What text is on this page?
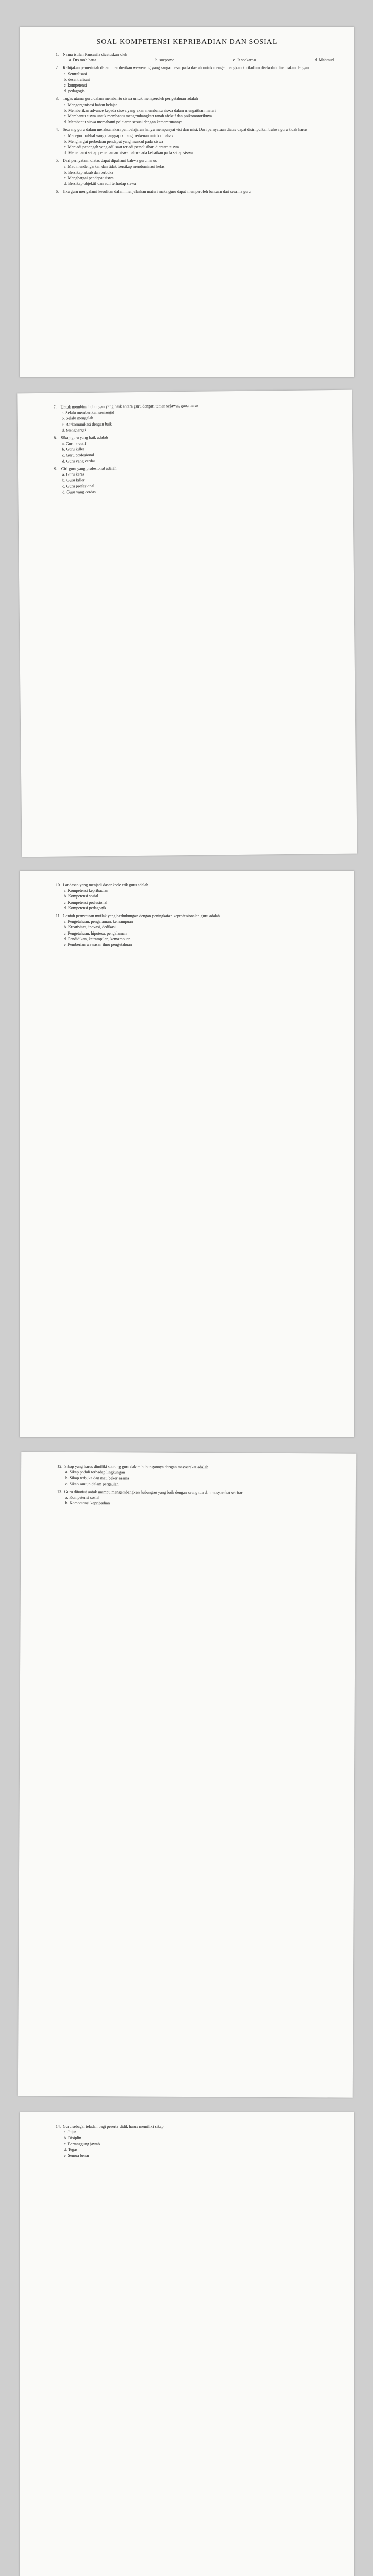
SOAL KOMPETENSI KEPRIBADIAN DAN SOSIAL
1. Nama istilah Pancasila dicetuskan oleh
a. Drs moh hatta	b. soepomo	c. Ir soekarno	d. Mahmud
2. Kebijakan pemerintah dalam memberikan wewenang yang sangat besar pada daerah untuk mengembangkan kurikulum disekolah dinamakan dengan
a. Sentralisasi
b. desentralisasi
c. kompetensi
d. pedagogis
3. Tugas utama guru dalam membantu siswa untuk memperoleh pengetahuan adalah
a. Mengorganisasi bahan belajar
b. Memberikan advance kepada siswa yang akan membantu siswa dalam mengaitkan materi
c. Membantu siswa untuk membantu mengembangkan ranah afektif dan psikomotoriknya
d. Membantu siswa memahami pelajaran sesuai dengan kemampuannya
4. Seorang guru dalam melaksanakan pembelajaran hanya mempunyai visi dan misi. Dari pernyataan diatas dapat disimpulkan bahwa guru tidak harus
a. Menegur hal-hal yang dianggap kurang berkenan untuk dibahas
b. Menghargai perbedaan pendapat yang muncul pada siswa
c. Menjadi penengah yang adil saat terjadi perselisihan diantara siswa
d. Memahami setiap pemahaman siswa bahwa ada kebaikan pada setiap siswa
5. Dari pernyataan diatas dapat dipahami bahwa guru harus
a. Mau mendengarkan dan tidak bersikap mendominasi kelas
b. Bersikap akrab dan terbuka
c. Menghargai pendapat siswa
d. Bersikap objektif dan adil terhadap siswa
6. Jika guru mengalami kesulitan dalam menjelaskan materi maka guru dapat memperoleh bantuan dari sesama guru
7. Untuk membina hubungan yang baik antara guru dengan teman sejawat, guru harus
a. Selalu memberikan semangat
b. Selalu mengalah
c. Berkomunikasi dengan baik
d. Menghargai
8. Sikap guru yang baik adalah
a. Guru kreatif
b. Guru killer
c. Guru profesional
d. Guru yang cerdas
9. Ciri guru yang profesional adalah
a. Guru keras
b. Guru killer
c. Guru profesional
d. Guru yang cerdas
10. Landasan yang menjadi dasar kode etik guru adalah
a. Kompetensi kepribadian
b. Kompetensi sosial
c. Kompetensi profesional
d. Kompetensi pedagogik
11. Contoh pernyataan mutlak yang berhubungan dengan peningkatan keprofesionalan guru adalah
a. Pengetahuan, pengalaman, kemampuan
b. Kreativitas, inovasi, dedikasi
c. Pengetahuan, hipotesa, pengalaman
d. Pendidikan, ketrampilan, kemampuan
e. Pemberian wawasan ilmu pengetahuan
12. Sikap yang harus dimiliki seorang guru dalam hubungannya dengan masyarakat adalah
a. Sikap peduli terhadap lingkungan
b. Sikap terbuka dan mau bekerjasama
c. Sikap santun dalam pergaulan
13. Guru dituntut untuk mampu mengembangkan hubungan yang baik dengan orang tua dan masyarakat sekitar
a. Kompetensi sosial
b. Kompetensi kepribadian
14. Guru sebagai teladan bagi peserta didik harus memiliki sikap
a. Jujur
b. Disiplin
c. Bertanggung jawab
d. Tegas
e. Semua benar
